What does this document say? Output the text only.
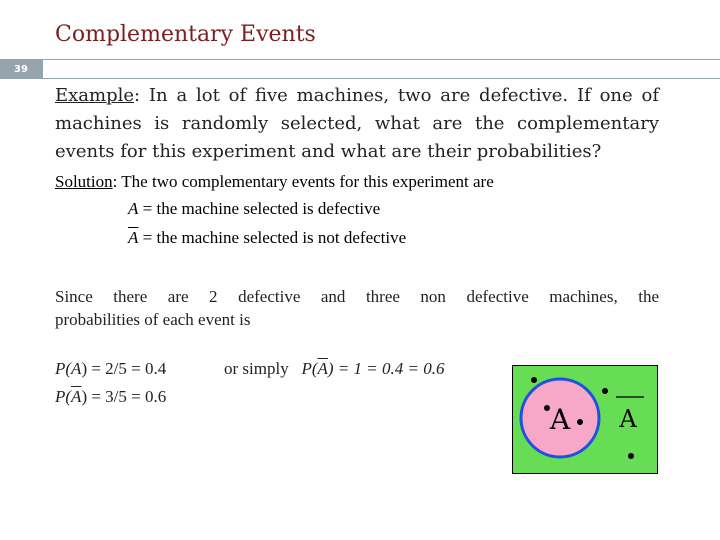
Complementary Events
39
Example: In a lot of five machines, two are defective. If one of
machines is randomly selected, what are the complementary
events for this experiment and what are their probabilities?
Solution: The two complementary events for this experiment are
A = the machine selected is defective
$\overline{A}$ = the machine selected is not defective
Since there are 2 defective and three non defective machines, the
probabilities of each event is
P(A) = 2/5 = 0.4
$P(\overline{A}) = 3/5 = 0.6$
or simply   $P(\overline{A}) = 1 = 0.4 = 0.6$
A A
